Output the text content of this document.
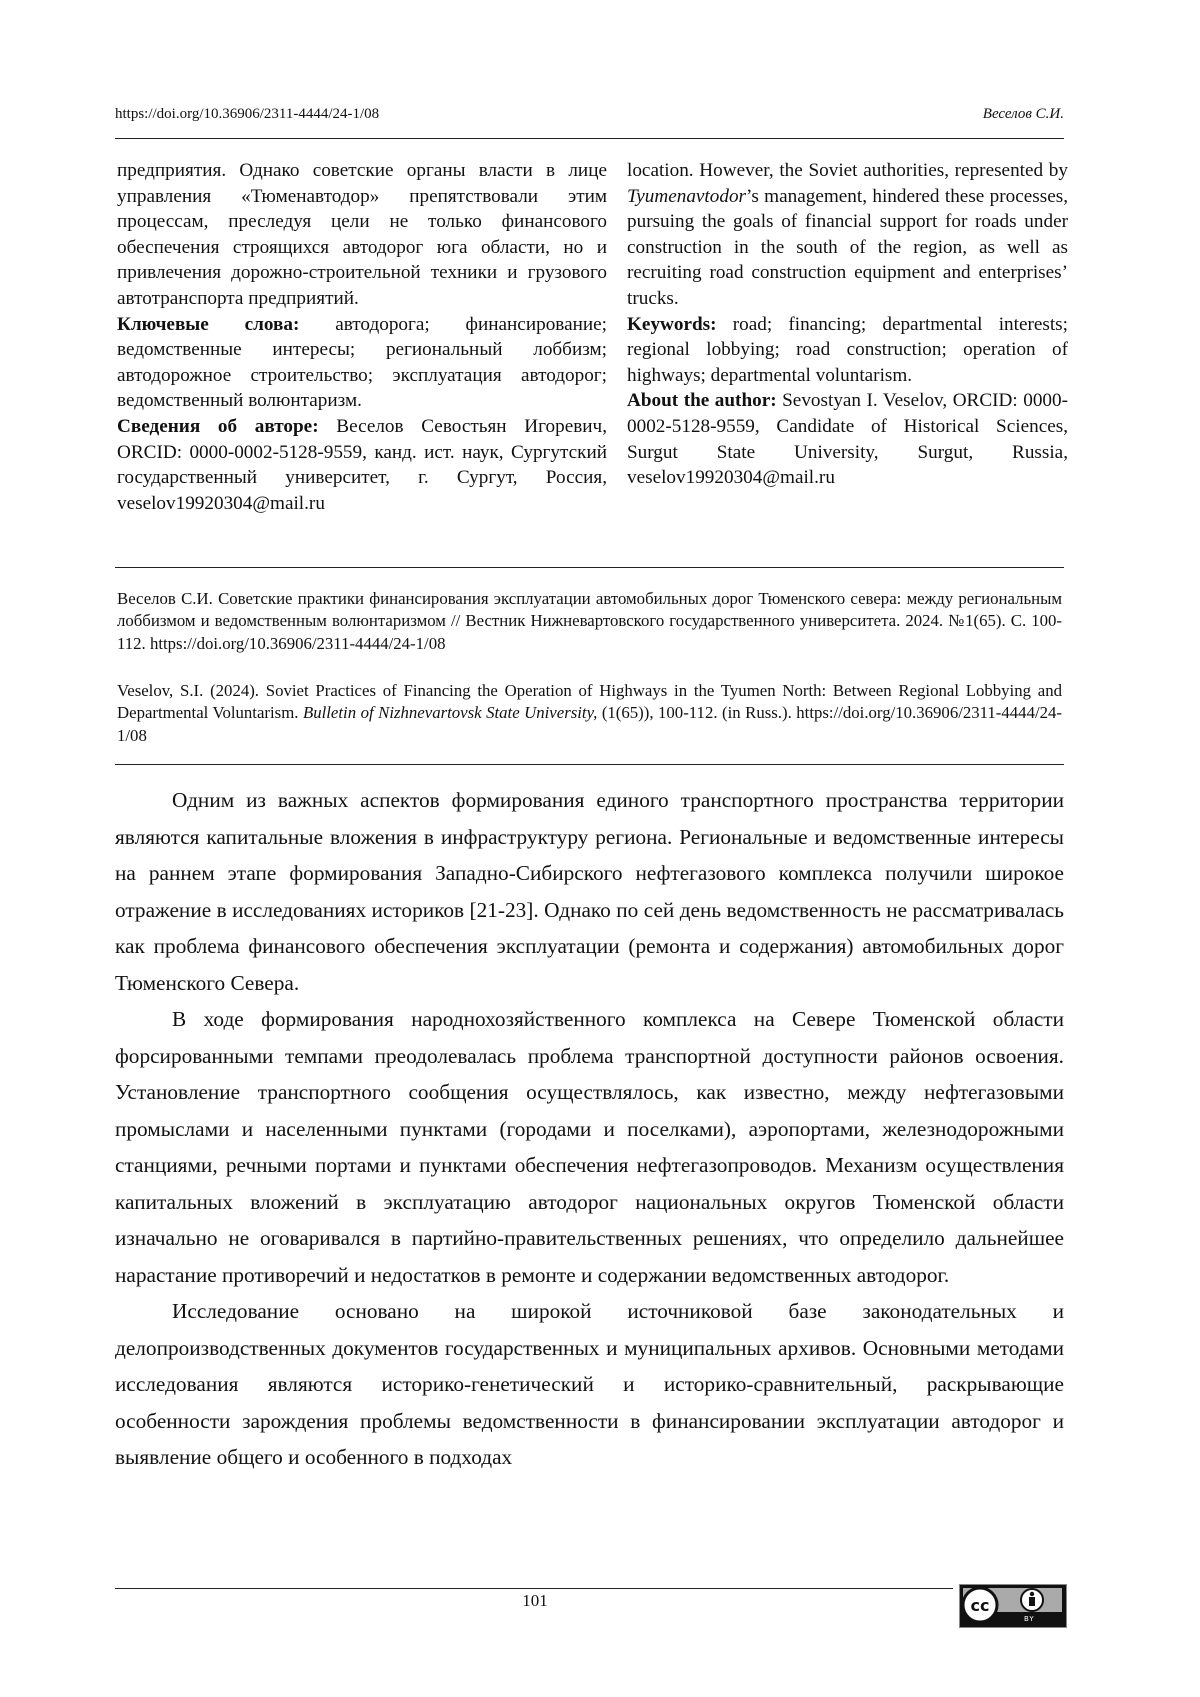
https://doi.org/10.36906/2311-4444/24-1/08	Веселов С.И.

предприятия. Однако советские органы власти в лице управления «Тюменавтодор» препятствовали этим процессам, преследуя цели не только финансового обеспечения строящихся автодорог юга области, но и привлечения дорожно-строительной техники и грузового автотранспорта предприятий.

Ключевые слова: автодорога; финансирование; ведомственные интересы; региональный лоббизм; автодорожное строительство; эксплуатация автодорог; ведомственный волюнтаризм.

Сведения об авторе: Веселов Севостьян Игоревич, ORCID: 0000-0002-5128-9559, канд. ист. наук, Сургутский государственный университет, г. Сургут, Россия, veselov19920304@mail.ru

location. However, the Soviet authorities, represented by Tyumenavtodor’s management, hindered these processes, pursuing the goals of financial support for roads under construction in the south of the region, as well as recruiting road construction equipment and enterprises’ trucks.

Keywords: road; financing; departmental interests; regional lobbying; road construction; operation of highways; departmental voluntarism.

About the author: Sevostyan I. Veselov, ORCID: 0000-0002-5128-9559, Candidate of Historical Sciences, Surgut State University, Surgut, Russia, veselov19920304@mail.ru

Веселов С.И. Советские практики финансирования эксплуатации автомобильных дорог Тюменского севера: между региональным лоббизмом и ведомственным волюнтаризмом // Вестник Нижневартовского государственного университета. 2024. №1(65). С. 100-112. https://doi.org/10.36906/2311-4444/24-1/08
Veselov, S.I. (2024). Soviet Practices of Financing the Operation of Highways in the Tyumen North: Between Regional Lobbying and Departmental Voluntarism. Bulletin of Nizhnevartovsk State University, (1(65)), 100-112. (in Russ.). https://doi.org/10.36906/2311-4444/24-1/08

Одним из важных аспектов формирования единого транспортного пространства территории являются капитальные вложения в инфраструктуру региона. Региональные и ведомственные интересы на раннем этапе формирования Западно-Сибирского нефтегазового комплекса получили широкое отражение в исследованиях историков [21-23]. Однако по сей день ведомственность не рассматривалась как проблема финансового обеспечения эксплуатации (ремонта и содержания) автомобильных дорог Тюменского Севера.

В ходе формирования народнохозяйственного комплекса на Севере Тюменской области форсированными темпами преодолевалась проблема транспортной доступности районов освоения. Установление транспортного сообщения осуществлялось, как известно, между нефтегазовыми промыслами и населенными пунктами (городами и поселками), аэропортами, железнодорожными станциями, речными портами и пунктами обеспечения нефтегазопроводов. Механизм осуществления капитальных вложений в эксплуатацию автодорог национальных округов Тюменской области изначально не оговаривался в партийно-правительственных решениях, что определило дальнейшее нарастание противоречий и недостатков в ремонте и содержании ведомственных автодорог.

Исследование основано на широкой источниковой базе законодательных и делопроизводственных документов государственных и муниципальных архивов. Основными методами исследования являются историко-генетический и историко-сравнительный, раскрывающие особенности зарождения проблемы ведомственности в финансировании эксплуатации автодорог и выявление общего и особенного в подходах

101	cc
BY
